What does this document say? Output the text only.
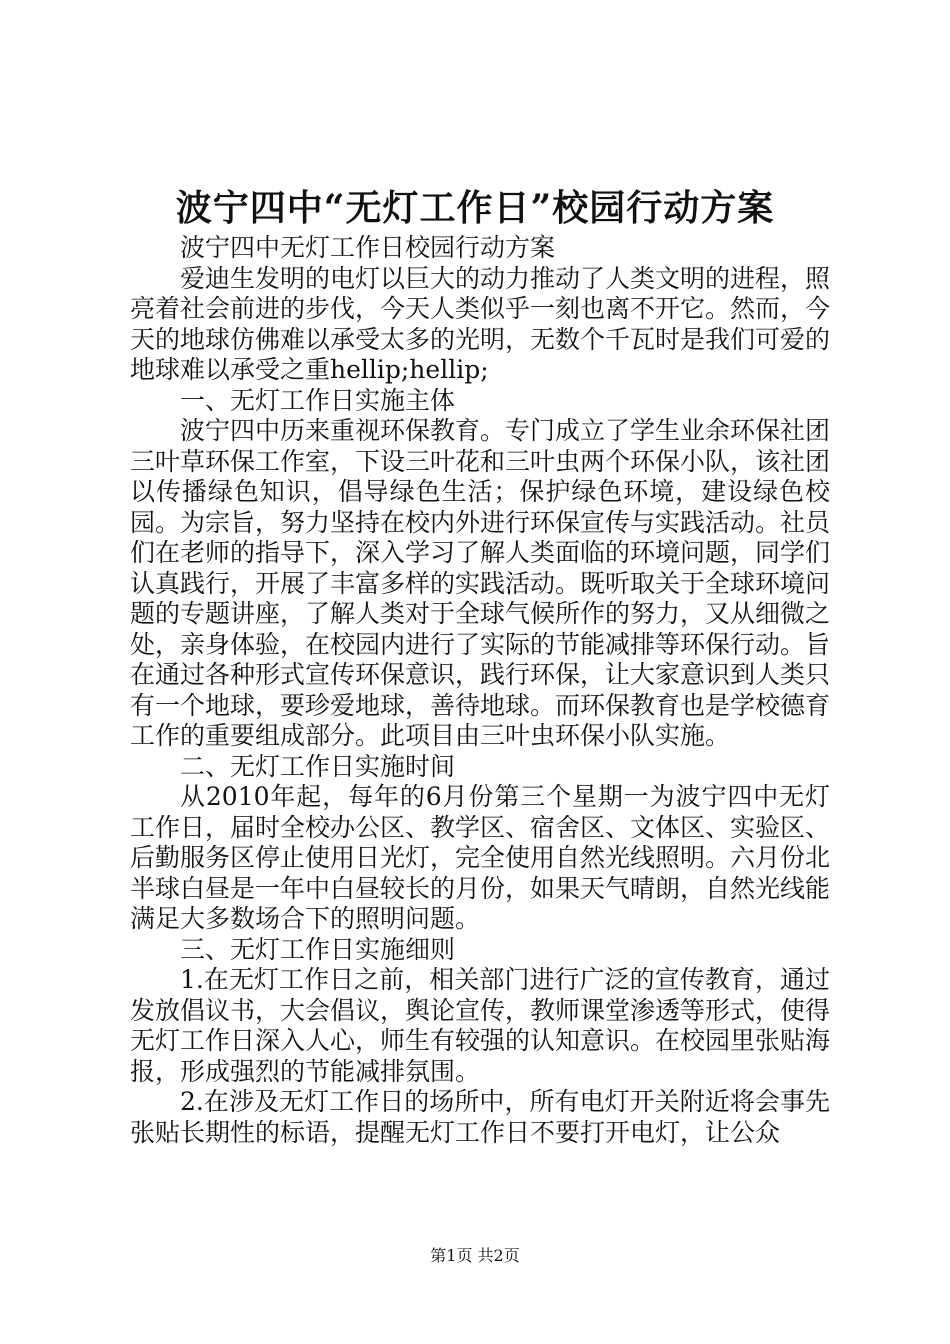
波宁四中“无灯工作日”校园行动方案

波宁四中无灯工作日校园行动方案

爱迪生发明的电灯以巨大的动力推动了人类文明的进程，照亮着社会前进的步伐，今天人类似乎一刻也离不开它。然而，今天的地球仿佛难以承受太多的光明，无数个千瓦时是我们可爱的地球难以承受之重hellip;hellip;

一、无灯工作日实施主体

波宁四中历来重视环保教育。专门成立了学生业余环保社团三叶草环保工作室，下设三叶花和三叶虫两个环保小队，该社团以传播绿色知识，倡导绿色生活；保护绿色环境，建设绿色校园。为宗旨，努力坚持在校内外进行环保宣传与实践活动。社员们在老师的指导下，深入学习了解人类面临的环境问题，同学们认真践行，开展了丰富多样的实践活动。既听取关于全球环境问题的专题讲座，了解人类对于全球气候所作的努力，又从细微之处，亲身体验，在校园内进行了实际的节能减排等环保行动。旨在通过各种形式宣传环保意识，践行环保，让大家意识到人类只有一个地球，要珍爱地球，善待地球。而环保教育也是学校德育工作的重要组成部分。此项目由三叶虫环保小队实施。

二、无灯工作日实施时间

从2010年起，每年的6月份第三个星期一为波宁四中无灯工作日，届时全校办公区、教学区、宿舍区、文体区、实验区、后勤服务区停止使用日光灯，完全使用自然光线照明。六月份北半球白昼是一年中白昼较长的月份，如果天气晴朗，自然光线能满足大多数场合下的照明问题。

三、无灯工作日实施细则

1.在无灯工作日之前，相关部门进行广泛的宣传教育，通过发放倡议书，大会倡议，舆论宣传，教师课堂渗透等形式，使得无灯工作日深入人心，师生有较强的认知意识。在校园里张贴海报，形成强烈的节能减排氛围。

2.在涉及无灯工作日的场所中，所有电灯开关附近将会事先张贴长期性的标语，提醒无灯工作日不要打开电灯，让公众

第1页 共2页
